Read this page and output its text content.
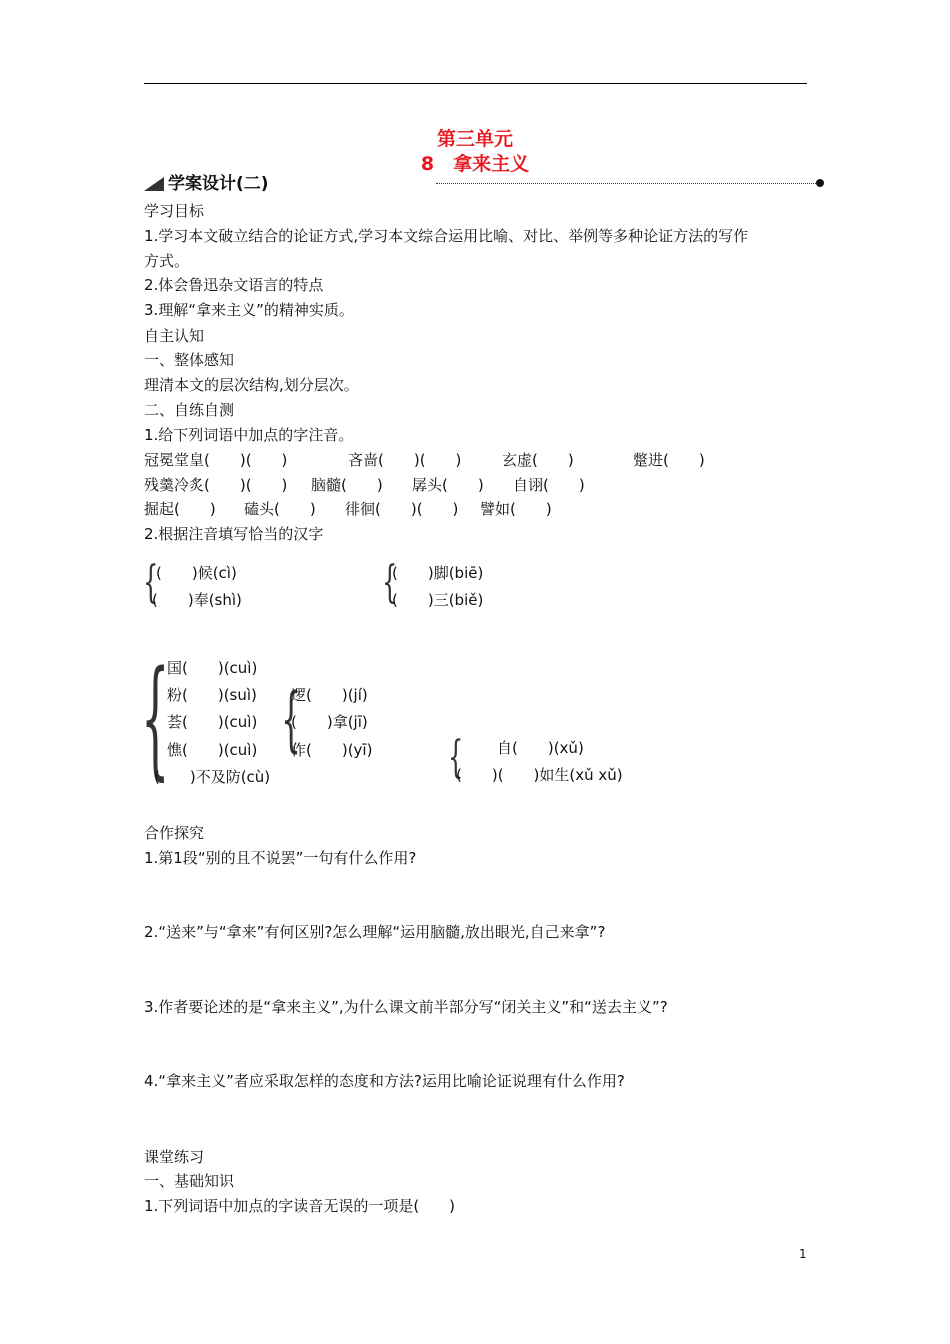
第三单元
8　拿来主义
学案设计(二)
学习目标
1.学习本文破立结合的论证方式,学习本文综合运用比喻、对比、举例等多种论证方法的写作
方式。
2.体会鲁迅杂文语言的特点
3.理解“拿来主义”的精神实质。
自主认知
一、整体感知
理清本文的层次结构,划分层次。
二、自练自测
1.给下列词语中加点的字注音。
冠冕堂皇(　　)(　　)	吝啬(　　)(　　)	玄虚(　　)	蹩进(　　)
残羹冷炙(　　)(　　) 脑髓(　　) 孱头(　　) 自诩(　　)
掘起(　　) 磕头(　　) 徘徊(　　)(　　) 譬如(　　)
2.根据注音填写恰当的汉字
{
(　　)候(cì)
(　　)奉(shì)	{
(　　)脚(biē)
(　　)三(biě)
{
国(　　)(cuì)
粉(　　)(suì)
荟(　　)(cuì)
憔(　　)(cuì)
(　　)不及防(cù)
{
逻(　　)(jí)
(　　)拿(jī)
作(　　)(yī) { 自(　　)(xǔ)
(　　)(　　)如生(xǔ xǔ)
合作探究
1.第1段“别的且不说罢”一句有什么作用?
2.“送来”与“拿来”有何区别?怎么理解“运用脑髓,放出眼光,自己来拿”?
3.作者要论述的是“拿来主义”,为什么课文前半部分写“闭关主义”和“送去主义”?
4.“拿来主义”者应采取怎样的态度和方法?运用比喻论证说理有什么作用?
课堂练习
一、基础知识
1.下列词语中加点的字读音无误的一项是(　　)
1
